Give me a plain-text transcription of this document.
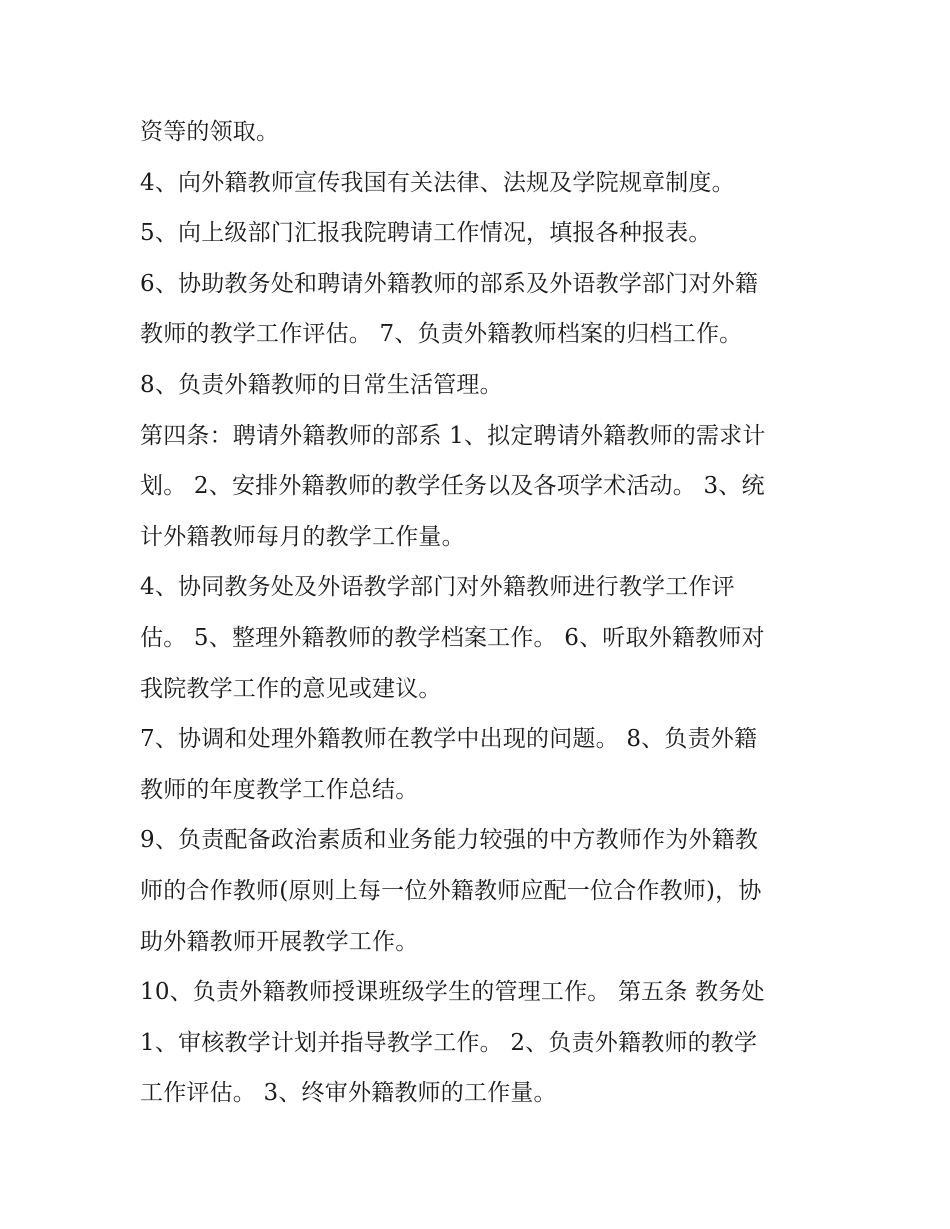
资等的领取。
4、向外籍教师宣传我国有关法律、法规及学院规章制度。
5、向上级部门汇报我院聘请工作情况，填报各种报表。
6、协助教务处和聘请外籍教师的部系及外语教学部门对外籍
教师的教学工作评估。 7、负责外籍教师档案的归档工作。
8、负责外籍教师的日常生活管理。
第四条：聘请外籍教师的部系 1、拟定聘请外籍教师的需求计
划。 2、安排外籍教师的教学任务以及各项学术活动。 3、统
计外籍教师每月的教学工作量。
4、协同教务处及外语教学部门对外籍教师进行教学工作评
估。 5、整理外籍教师的教学档案工作。 6、听取外籍教师对
我院教学工作的意见或建议。
7、协调和处理外籍教师在教学中出现的问题。 8、负责外籍
教师的年度教学工作总结。
9、负责配备政治素质和业务能力较强的中方教师作为外籍教
师的合作教师(原则上每一位外籍教师应配一位合作教师)，协
助外籍教师开展教学工作。
10、负责外籍教师授课班级学生的管理工作。 第五条 教务处
1、审核教学计划并指导教学工作。 2、负责外籍教师的教学
工作评估。 3、终审外籍教师的工作量。
